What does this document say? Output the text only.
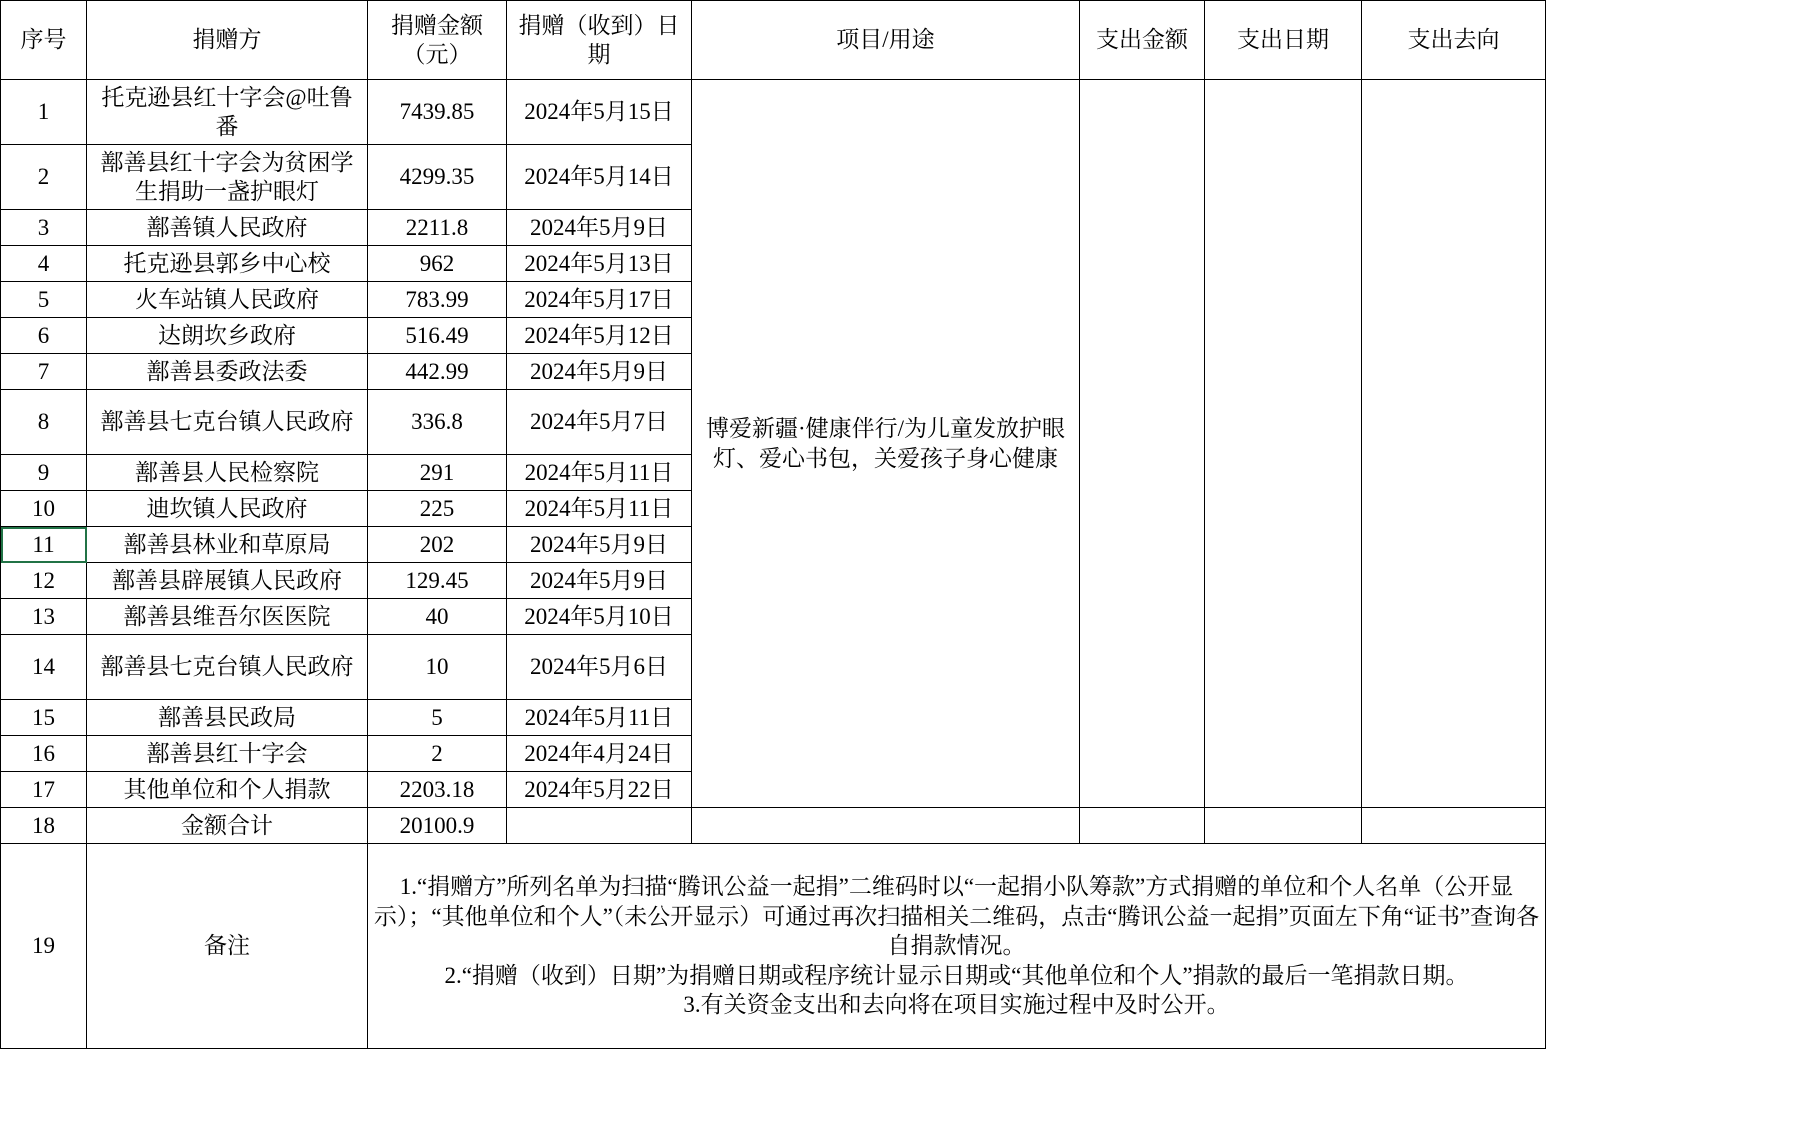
序号	捐赠方	捐赠金额（元）	捐赠（收到）日期	项目/用途	支出金额	支出日期	支出去向
1	托克逊县红十字会@吐鲁番	7439.85	2024年5月15日	博爱新疆·健康伴行/为儿童发放护眼灯、爱心书包，关爱孩子身心健康			
2	鄯善县红十字会为贫困学生捐助一盏护眼灯	4299.35	2024年5月14日				
3	鄯善镇人民政府	2211.8	2024年5月9日				
4	托克逊县郭乡中心校	962	2024年5月13日				
5	火车站镇人民政府	783.99	2024年5月17日				
6	达朗坎乡政府	516.49	2024年5月12日				
7	鄯善县委政法委	442.99	2024年5月9日				
8	鄯善县七克台镇人民政府	336.8	2024年5月7日				
9	鄯善县人民检察院	291	2024年5月11日				
10	迪坎镇人民政府	225	2024年5月11日				
11	鄯善县林业和草原局	202	2024年5月9日				
12	鄯善县辟展镇人民政府	129.45	2024年5月9日				
13	鄯善县维吾尔医医院	40	2024年5月10日				
14	鄯善县七克台镇人民政府	10	2024年5月6日				
15	鄯善县民政局	5	2024年5月11日				
16	鄯善县红十字会	2	2024年4月24日				
17	其他单位和个人捐款	2203.18	2024年5月22日				
18	金额合计	20100.9					
19	备注	1.“捐赠方”所列名单为扫描“腾讯公益一起捐”二维码时以“一起捐小队筹款”方式捐赠的单位和个人名单（公开显示）；“其他单位和个人”（未公开显示）可通过再次扫描相关二维码，点击“腾讯公益一起捐”页面左下角“证书”查询各自捐款情况。

2.“捐赠（收到）日期”为捐赠日期或程序统计显示日期或“其他单位和个人”捐款的最后一笔捐款日期。

3.有关资金支出和去向将在项目实施过程中及时公开。					
